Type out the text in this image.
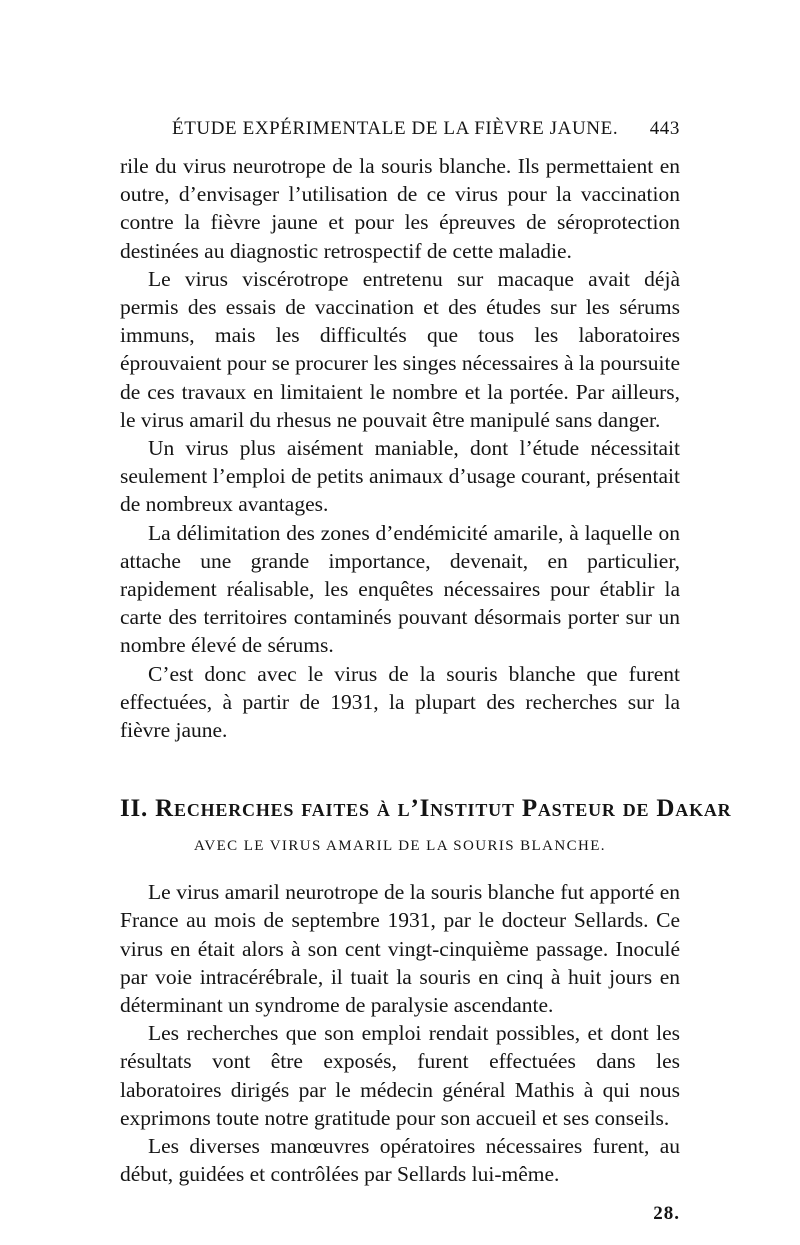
ÉTUDE EXPÉRIMENTALE DE LA FIÈVRE JAUNE. 443

rile du virus neurotrope de la souris blanche. Ils permettaient en outre, d’envisager l’utilisation de ce virus pour la vaccination contre la fièvre jaune et pour les épreuves de séroprotection destinées au diagnostic retrospectif de cette maladie.

Le virus viscérotrope entretenu sur macaque avait déjà permis des essais de vaccination et des études sur les sérums immuns, mais les difficultés que tous les laboratoires éprouvaient pour se procurer les singes nécessaires à la poursuite de ces travaux en limitaient le nombre et la portée. Par ailleurs, le virus amaril du rhesus ne pouvait être manipulé sans danger.

Un virus plus aisément maniable, dont l’étude nécessitait seulement l’emploi de petits animaux d’usage courant, présentait de nombreux avantages.

La délimitation des zones d’endémicité amarile, à laquelle on attache une grande importance, devenait, en particulier, rapidement réalisable, les enquêtes nécessaires pour établir la carte des territoires contaminés pouvant désormais porter sur un nombre élevé de sérums.

C’est donc avec le virus de la souris blanche que furent effectuées, à partir de 1931, la plupart des recherches sur la fièvre jaune.

II. Recherches faites à l’Institut Pasteur de Dakar
AVEC LE VIRUS AMARIL DE LA SOURIS BLANCHE.

Le virus amaril neurotrope de la souris blanche fut apporté en France au mois de septembre 1931, par le docteur Sellards. Ce virus en était alors à son cent vingt-cinquième passage. Inoculé par voie intracérébrale, il tuait la souris en cinq à huit jours en déterminant un syndrome de paralysie ascendante.

Les recherches que son emploi rendait possibles, et dont les résultats vont être exposés, furent effectuées dans les laboratoires dirigés par le médecin général Mathis à qui nous exprimons toute notre gratitude pour son accueil et ses conseils.

Les diverses manœuvres opératoires nécessaires furent, au début, guidées et contrôlées par Sellards lui-même.

28.
